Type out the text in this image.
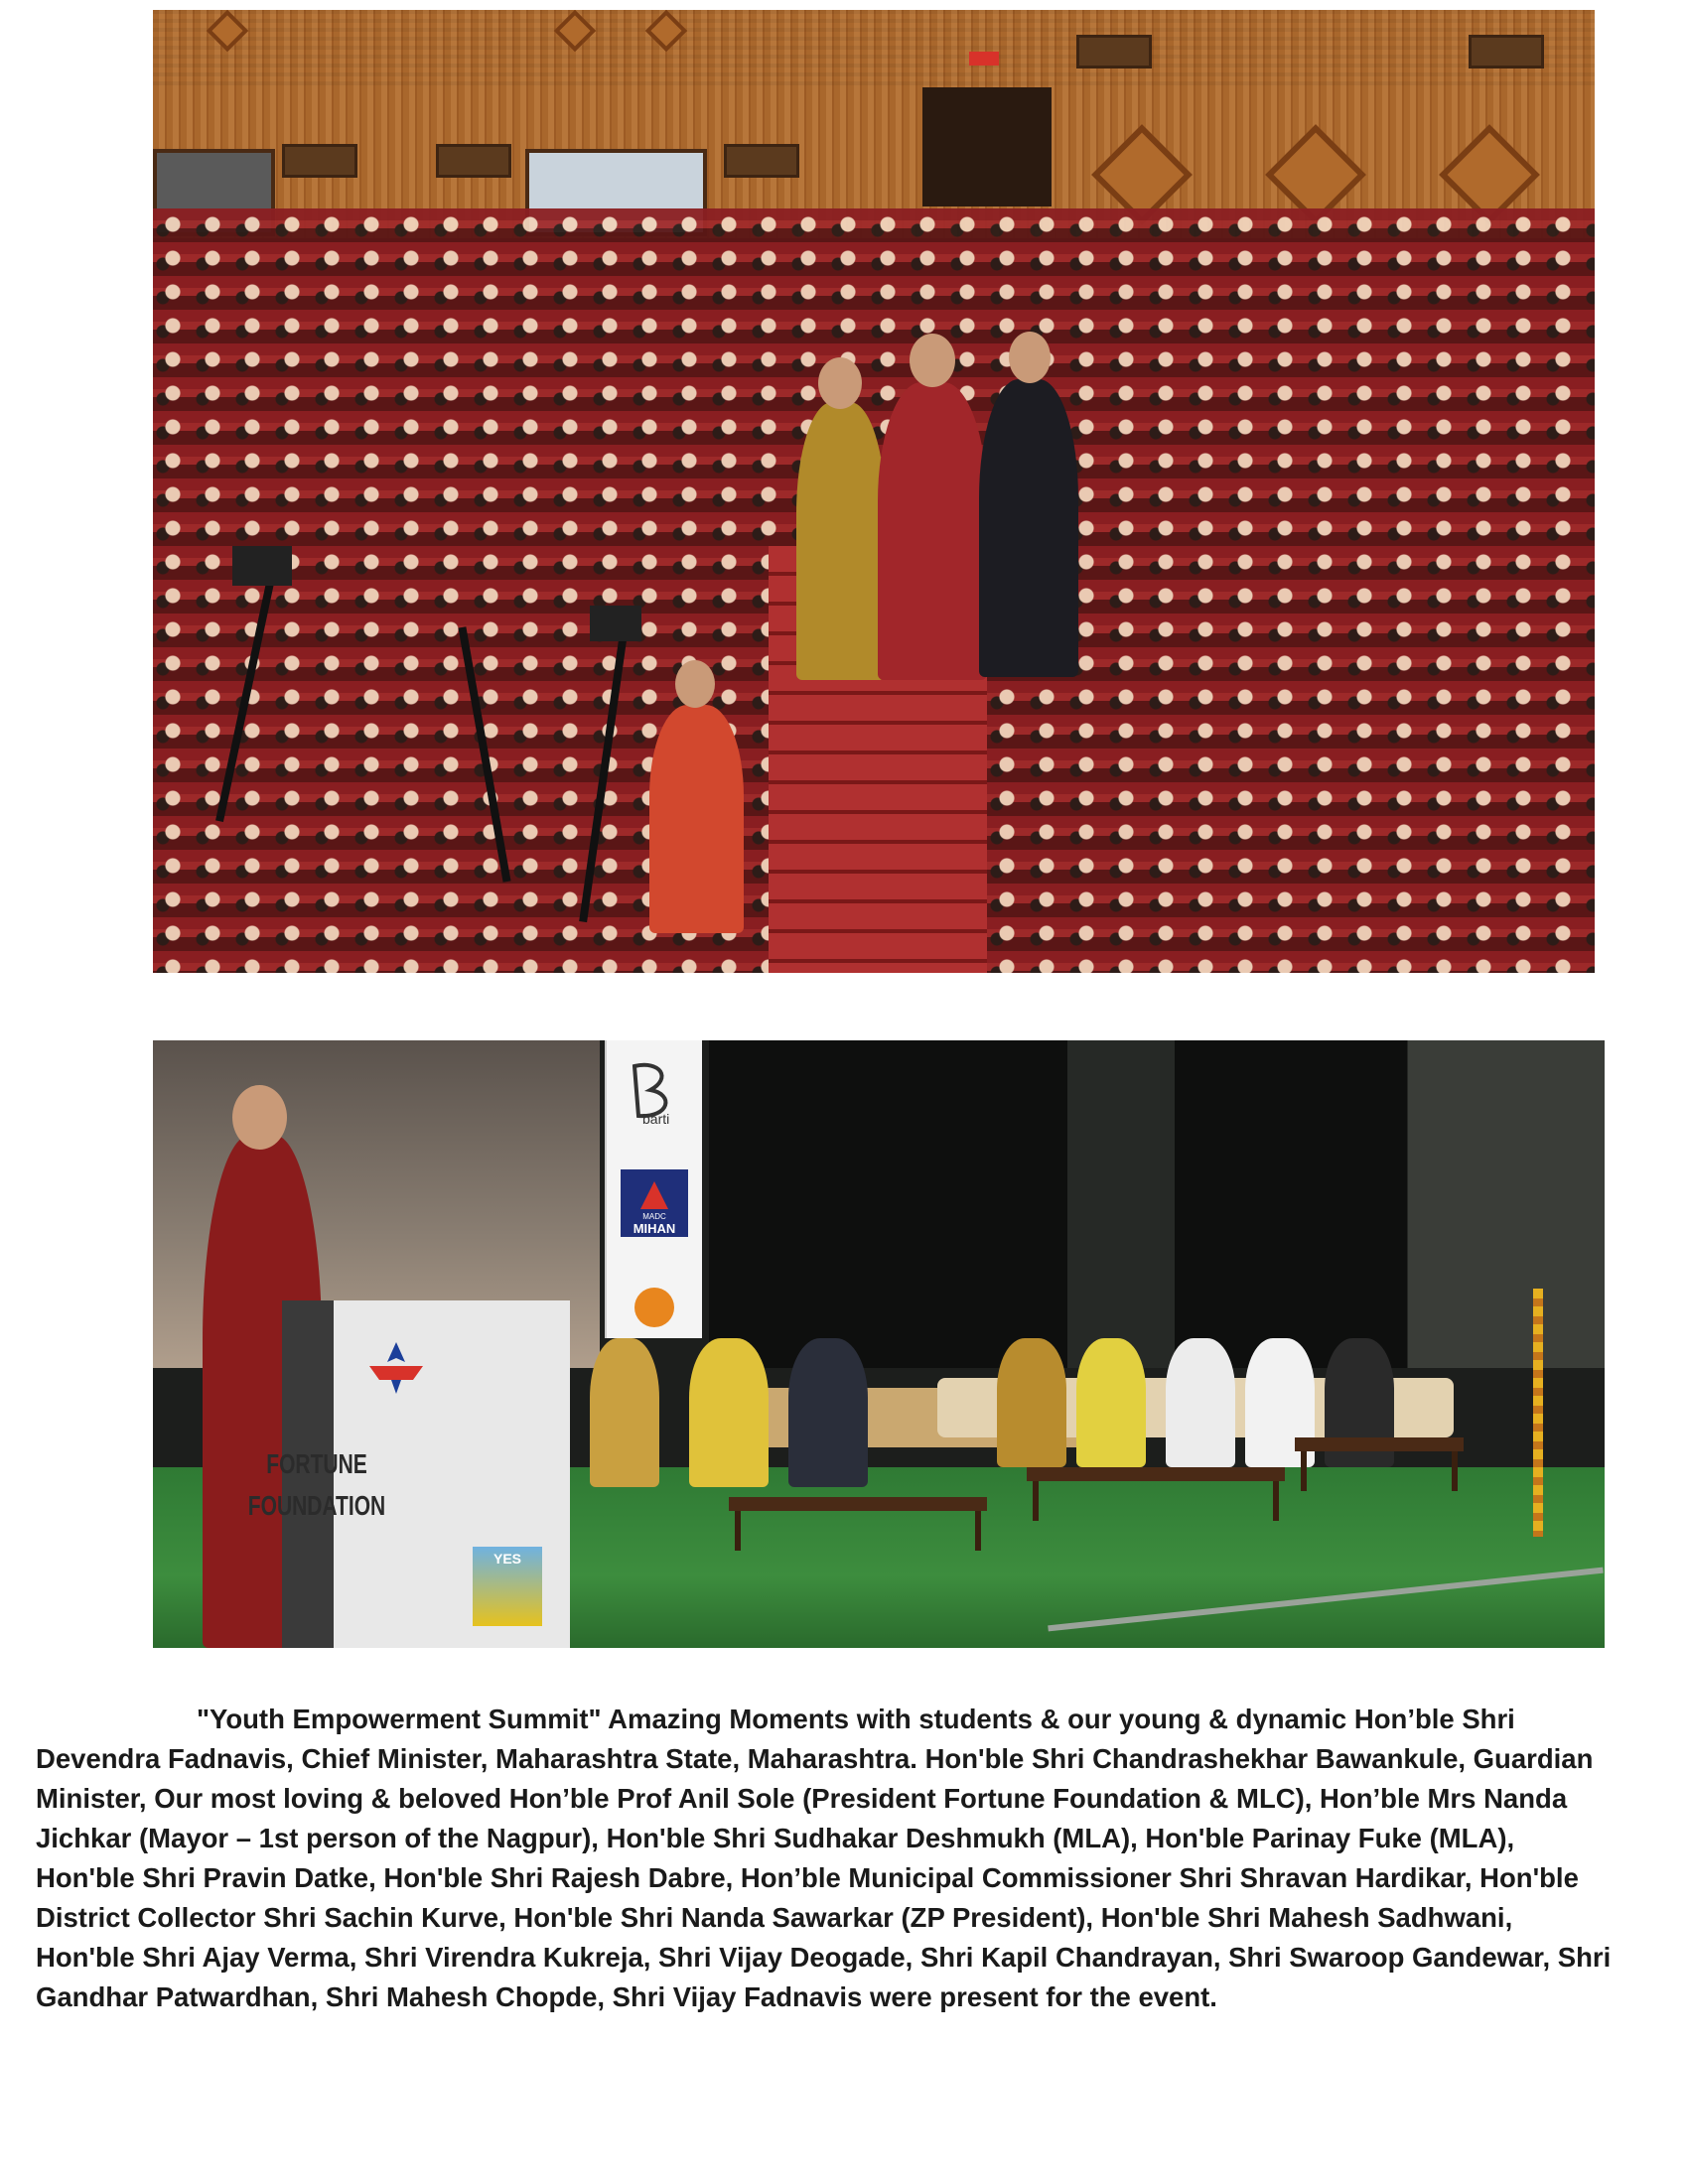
barti
MADC
MIHAN
FORTUNE
FOUNDATION
YES

"Youth Empowerment Summit" Amazing Moments with students & our young & dynamic Hon’ble Shri Devendra Fadnavis, Chief Minister, Maharashtra State, Maharashtra. Hon'ble Shri Chandrashekhar Bawankule, Guardian Minister, Our most loving & beloved Hon’ble Prof Anil Sole (President Fortune Foundation & MLC), Hon’ble Mrs Nanda Jichkar (Mayor – 1st person of the Nagpur), Hon'ble Shri Sudhakar Deshmukh (MLA), Hon'ble Parinay Fuke (MLA), Hon'ble Shri Pravin Datke, Hon'ble Shri Rajesh Dabre, Hon’ble Municipal Commissioner Shri Shravan Hardikar, Hon'ble District Collector Shri Sachin Kurve, Hon'ble Shri Nanda Sawarkar (ZP President), Hon'ble Shri Mahesh Sadhwani, Hon'ble Shri Ajay Verma, Shri Virendra Kukreja, Shri Vijay Deogade, Shri Kapil Chandrayan, Shri Swaroop Gandewar, Shri Gandhar Patwardhan, Shri Mahesh Chopde, Shri Vijay Fadnavis were present for the event.
